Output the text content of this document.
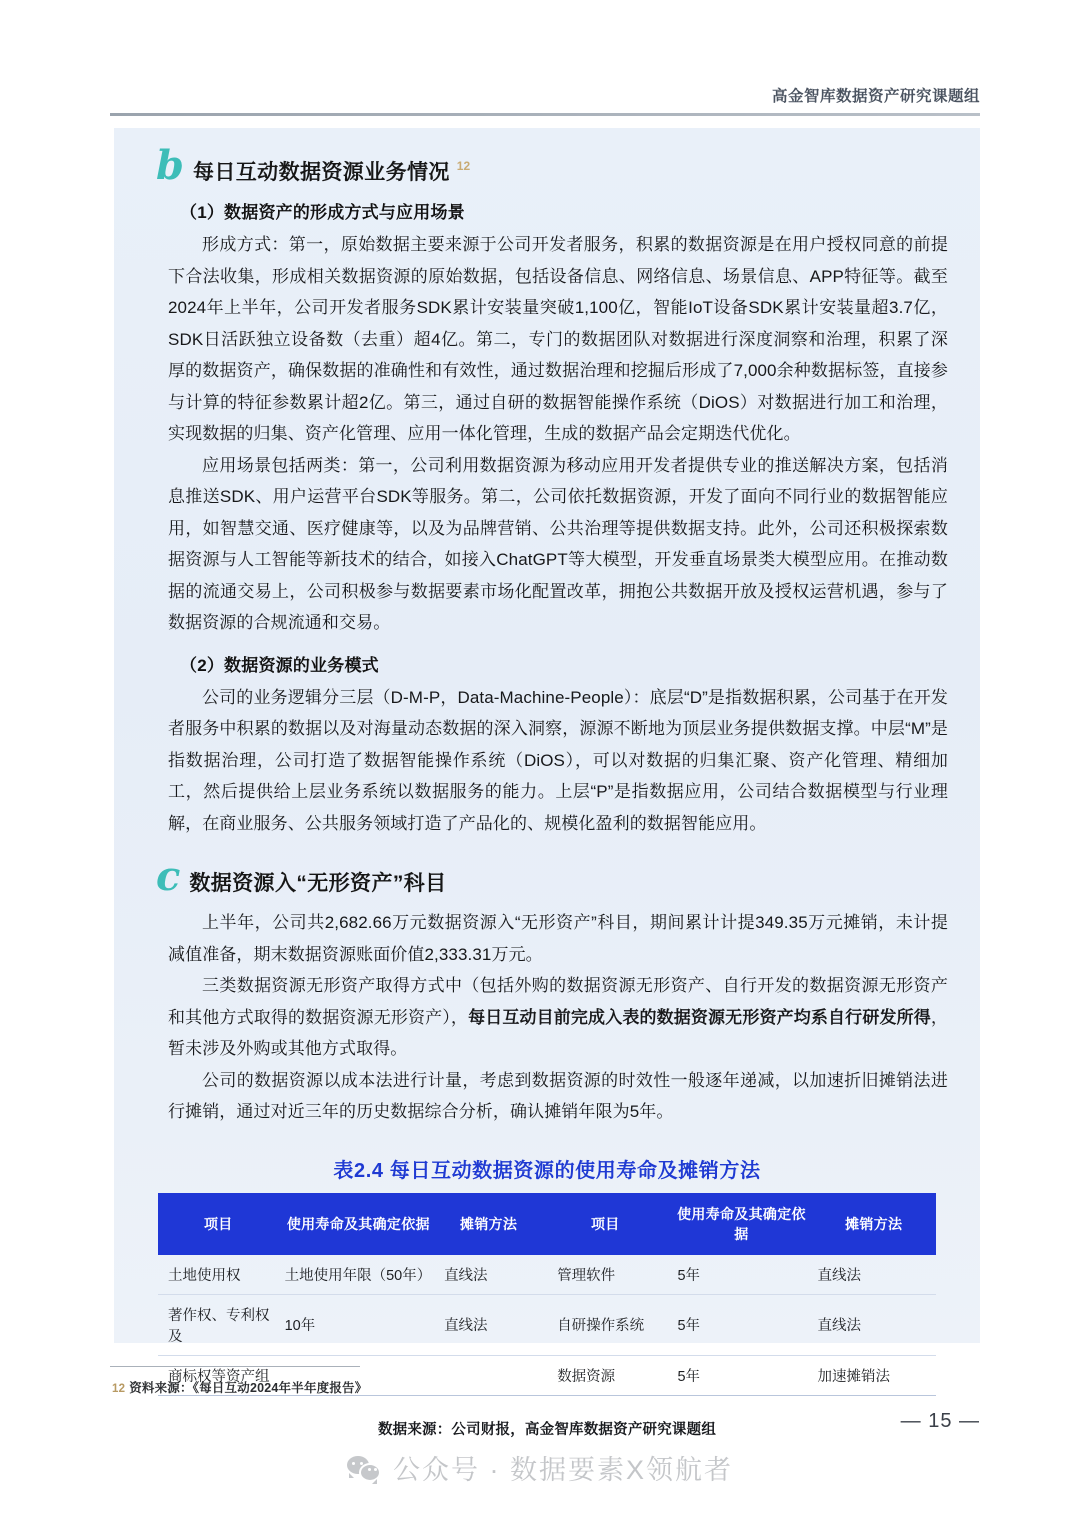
高金智库数据资产研究课题组
b 每日互动数据资源业务情况 12
（1）数据资产的形成方式与应用场景

形成方式：第一，原始数据主要来源于公司开发者服务，积累的数据资源是在用户授权同意的前提下合法收集，形成相关数据资源的原始数据，包括设备信息、网络信息、场景信息、APP特征等。截至2024年上半年，公司开发者服务SDK累计安装量突破1,100亿，智能IoT设备SDK累计安装量超3.7亿，SDK日活跃独立设备数（去重）超4亿。第二，专门的数据团队对数据进行深度洞察和治理，积累了深厚的数据资产，确保数据的准确性和有效性，通过数据治理和挖掘后形成了7,000余种数据标签，直接参与计算的特征参数累计超2亿。第三，通过自研的数据智能操作系统（DiOS）对数据进行加工和治理，实现数据的归集、资产化管理、应用一体化管理，生成的数据产品会定期迭代优化。

应用场景包括两类：第一，公司利用数据资源为移动应用开发者提供专业的推送解决方案，包括消息推送SDK、用户运营平台SDK等服务。第二，公司依托数据资源，开发了面向不同行业的数据智能应用，如智慧交通、医疗健康等，以及为品牌营销、公共治理等提供数据支持。此外，公司还积极探索数据资源与人工智能等新技术的结合，如接入ChatGPT等大模型，开发垂直场景类大模型应用。在推动数据的流通交易上，公司积极参与数据要素市场化配置改革，拥抱公共数据开放及授权运营机遇，参与了数据资源的合规流通和交易。

（2）数据资源的业务模式

公司的业务逻辑分三层（D-M-P，Data-Machine-People）：底层“D”是指数据积累，公司基于在开发者服务中积累的数据以及对海量动态数据的深入洞察，源源不断地为顶层业务提供数据支撑。中层“M”是指数据治理，公司打造了数据智能操作系统（DiOS），可以对数据的归集汇聚、资产化管理、精细加工，然后提供给上层业务系统以数据服务的能力。上层“P”是指数据应用，公司结合数据模型与行业理解，在商业服务、公共服务领域打造了产品化的、规模化盈利的数据智能应用。

c 数据资源入“无形资产”科目

上半年，公司共2,682.66万元数据资源入“无形资产”科目，期间累计计提349.35万元摊销，未计提减值准备，期末数据资源账面价值2,333.31万元。

三类数据资源无形资产取得方式中（包括外购的数据资源无形资产、自行开发的数据资源无形资产和其他方式取得的数据资源无形资产），每日互动目前完成入表的数据资源无形资产均系自行研发所得，暂未涉及外购或其他方式取得。

公司的数据资源以成本法进行计量，考虑到数据资源的时效性一般逐年递减，以加速折旧摊销法进行摊销，通过对近三年的历史数据综合分析，确认摊销年限为5年。

表2.4 每日互动数据资源的使用寿命及摊销方法
项目	使用寿命及其确定依据	摊销方法	项目	使用寿命及其确定依据	摊销方法
土地使用权	土地使用年限（50年）	直线法	管理软件	5年	直线法
著作权、专利权及	10年	直线法	自研操作系统	5年	直线法
商标权等资产组			数据资源	5年	加速摊销法
数据来源：公司财报，高金智库数据资产研究课题组
12 资料来源：《每日互动2024年半年度报告》
— 15 —
公众号 · 数据要素X领航者
